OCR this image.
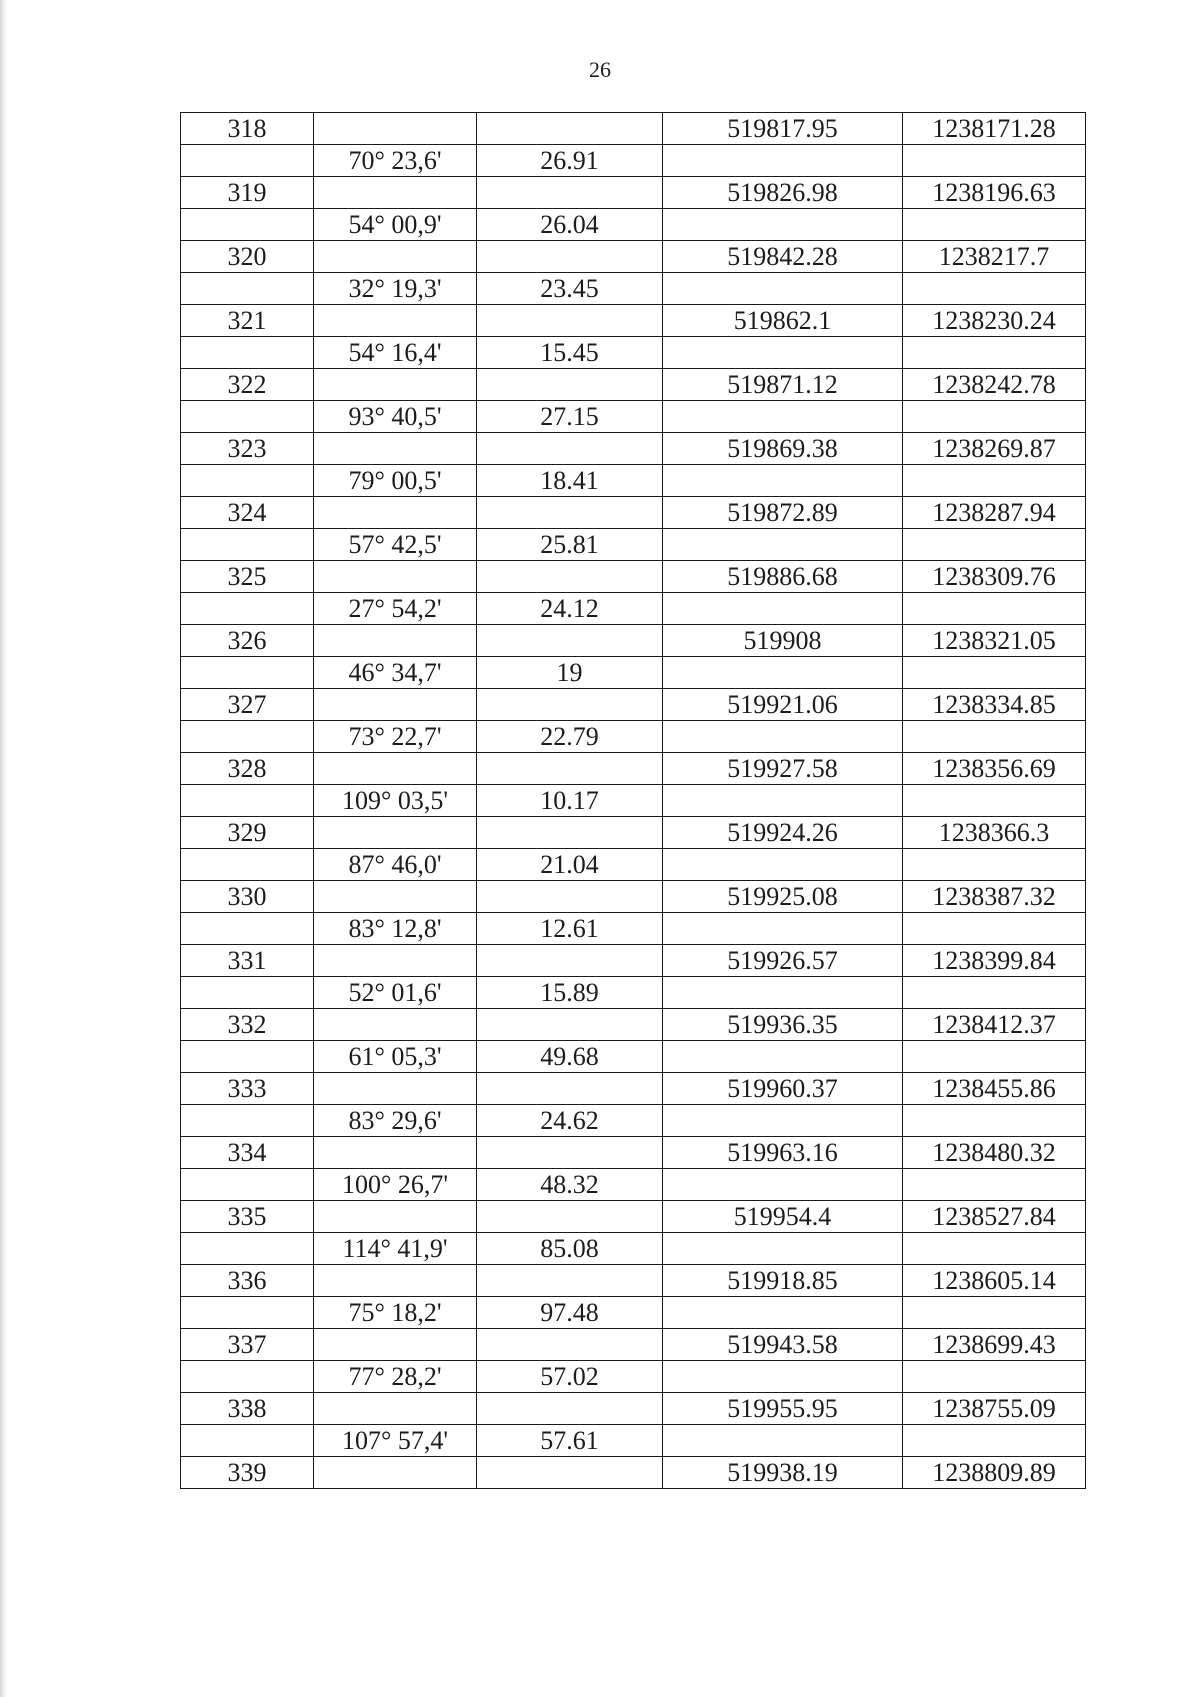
26
318			519817.95	1238171.28
	70° 23,6'	26.91		
319			519826.98	1238196.63
	54° 00,9'	26.04		
320			519842.28	1238217.7
	32° 19,3'	23.45		
321			519862.1	1238230.24
	54° 16,4'	15.45		
322			519871.12	1238242.78
	93° 40,5'	27.15		
323			519869.38	1238269.87
	79° 00,5'	18.41		
324			519872.89	1238287.94
	57° 42,5'	25.81		
325			519886.68	1238309.76
	27° 54,2'	24.12		
326			519908	1238321.05
	46° 34,7'	19		
327			519921.06	1238334.85
	73° 22,7'	22.79		
328			519927.58	1238356.69
	109° 03,5'	10.17		
329			519924.26	1238366.3
	87° 46,0'	21.04		
330			519925.08	1238387.32
	83° 12,8'	12.61		
331			519926.57	1238399.84
	52° 01,6'	15.89		
332			519936.35	1238412.37
	61° 05,3'	49.68		
333			519960.37	1238455.86
	83° 29,6'	24.62		
334			519963.16	1238480.32
	100° 26,7'	48.32		
335			519954.4	1238527.84
	114° 41,9'	85.08		
336			519918.85	1238605.14
	75° 18,2'	97.48		
337			519943.58	1238699.43
	77° 28,2'	57.02		
338			519955.95	1238755.09
	107° 57,4'	57.61		
339			519938.19	1238809.89
